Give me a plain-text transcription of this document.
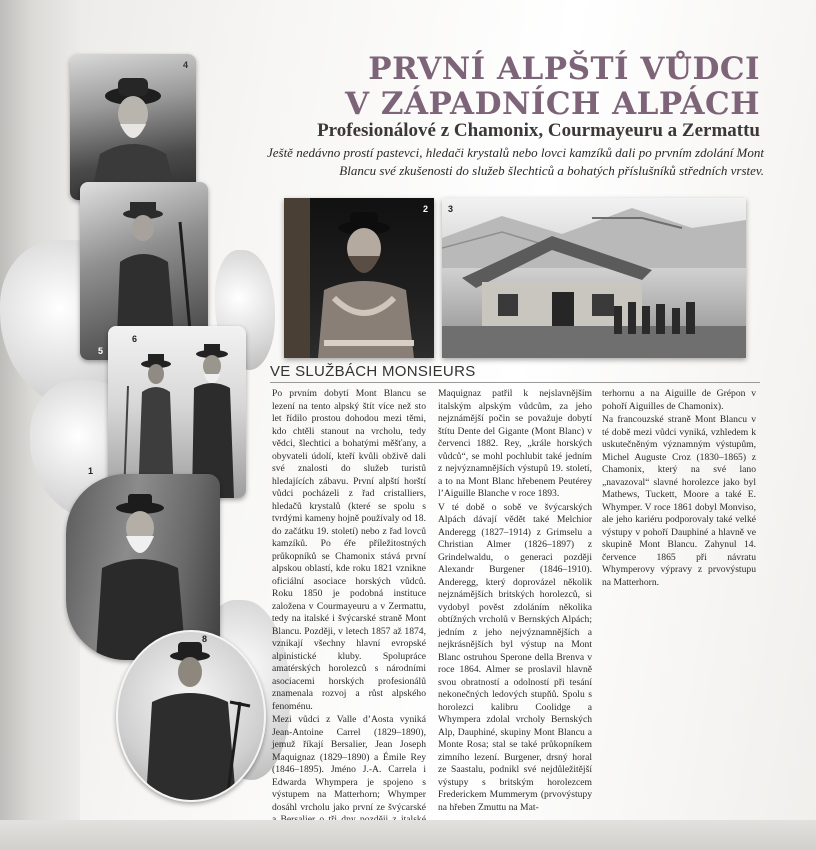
PRVNÍ ALPŠTÍ VŮDCI
V ZÁPADNÍCH ALPÁCH
Profesionálové z Chamonix, Courmayeuru a Zermattu
Ještě nedávno prostí pastevci, hledači krystalů nebo lovci kamzíků dali po prvním zdolání Mont Blancu své zkušenosti do služeb šlechticů a bohatých příslušníků středních vrstev.
4
5
6
1
8
2 3
VE SLUŽBÁCH MONSIEURS

Po prvním dobytí Mont Blancu se lezení na tento alpský štít více než sto let řídilo prostou dohodou mezi těmi, kdo chtěli stanout na vrcholu, tedy vědci, šlechtici a bohatými měšťany, a obyvateli údolí, kteří kvůli obživě dali své znalosti do služeb turistů hledajících zábavu. První alpští horští vůdci pocházeli z řad cristalliers, hledačů krystalů (které se spolu s tvrdými kameny hojně používaly od 18. do začátku 19. století) nebo z řad lovců kamzíků. Po éře příležitostných průkopníků se Chamonix stává první alpskou oblastí, kde roku 1821 vznikne oficiální asociace horských vůdců. Roku 1850 je podobná instituce založena v Courmayeuru a v Zermattu, tedy na italské i švýcarské straně Mont Blancu. Později, v letech 1857 až 1874, vznikají všechny hlavní evropské alpinistické kluby. Spolupráce amatérských horolezců s národními asociacemi horských profesionálů znamenala rozvoj a růst alpského fenoménu.

Mezi vůdci z Valle d’Aosta vyniká Jean-Antoine Carrel (1829–1890), jemuž říkají Bersalier, Jean Joseph Maquignaz (1829–1890) a Émile Rey (1846–1895). Jméno J.-A. Carrela i Edwarda Whympera je spojeno s výstupem na Matterhorn; Whymper dosáhl vrcholu jako první ze švýcarské

Maquignaz patřil k nejslavnějším italským alpským vůdcům, za jeho nejznámější počin se považuje dobytí štítu Dente del Gigante (Mont Blanc) v červenci 1882. Rey, „krále horských vůdců“, se mohl pochlubit také jedním z nejvýznamnějších výstupů 19. století, a to na Mont Blanc hřebenem Peutérey l’Aiguille Blanche v roce 1893.

V té době o sobě ve švýcarských Alpách dávají vědět také Melchior Anderegg (1827–1914) z Grimselu a Christian Almer (1826–1897) z Grindelwaldu, o generaci později Alexandr Burgener (1846–1910). Anderegg, který doprovázel několik nejznámějších britských horolezců, si vydobyl pověst zdoláním několika obtížných vrcholů v Bernských Alpách; jedním z jeho nejvýznamnějších a nejkrásnějších byl výstup na Mont Blanc ostruhou Sperone della Brenva v roce 1864. Almer se proslavil hlavně svou obratností a odolností při tesání nekonečných ledových stupňů. Spolu s horolezci kalibru Coolidge a Whympera zdolal vrcholy Bernských Alp, Dauphiné, skupiny Mont Blancu a Monte Rosa; stal se také průkopníkem zimního lezení. Burgener, drsný horal ze Saastalu, podnikl své nejdůležitější výstupy s britským horolezcem Frederickem Mummerym (prvovýstupy na hřeben Zmuttu na Mat-

terhornu a na Aiguille de Grépon v pohoří Aiguilles de Chamonix).

Na francouzské straně Mont Blancu v té době mezi vůdci vyniká, vzhledem k uskutečněným významným výstupům, Michel Auguste Croz (1830–1865) z Chamonix, který na své lano „navazoval“ slavné horolezce jako byl Mathews, Tuckett, Moore a také E. Whymper. V roce 1861 dobyl Monviso, ale jeho kariéru podporovaly také velké výstupy v pohoří Dauphiné a hlavně ve skupině Mont Blancu. Zahynul 14. července 1865 při návratu Whymperovy výpravy z prvovýstupu na Matterhorn.
